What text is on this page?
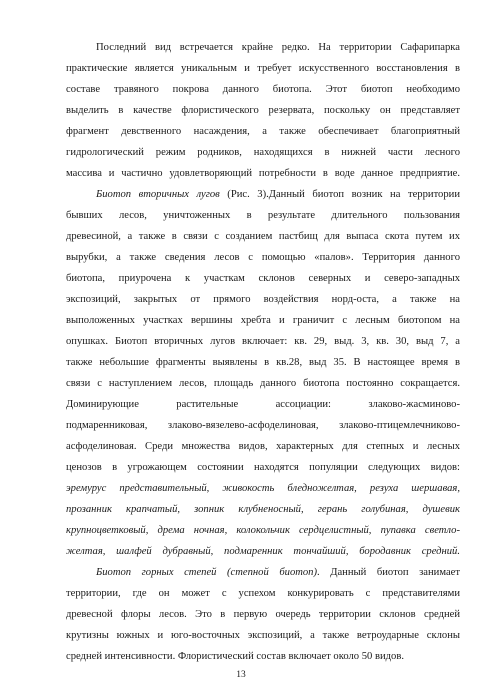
Последний вид встречается крайне редко. На территории Сафарипарка
практические является уникальным и требует искусственного восстановления в
составе травяного покрова данного биотопа. Этот биотоп необходимо
выделить в качестве флористического резервата, поскольку он представляет
фрагмент девственного насаждения, а также обеспечивает благоприятный
гидрологический режим родников, находящихся в нижней части лесного
массива и частично удовлетворяющий потребности в воде данное предприятие.
Биотоп вторичных лугов (Рис. 3).Данный биотоп возник на территории
бывших лесов, уничтоженных в результате длительного пользования
древесиной, а также в связи с созданием пастбищ для выпаса скота путем их
вырубки, а также сведения лесов с помощью «палов». Территория данного
биотопа, приурочена к участкам склонов северных и северо-западных
экспозиций, закрытых от прямого воздействия норд-оста, а также на
выположенных участках вершины хребта и граничит с лесным биотопом на
опушках. Биотоп вторичных лугов включает: кв. 29, выд. 3, кв. 30, выд 7, а
также небольшие фрагменты выявлены в кв.28, выд 35. В настоящее время в
связи с наступлением лесов, площадь данного биотопа постоянно сокращается.
Доминирующие растительные ассоциации: злаково-жасминово-
подмаренниковая, злаково-вязелево-асфоделиновая, злаково-птицемлечниково-
асфоделиновая. Среди множества видов, характерных для степных и лесных
ценозов в угрожающем состоянии находятся популяции следующих видов:
эремурус представительный, живокость бледножелтая, резуха шершавая,
прозанник крапчатый, зопник клубненосный, герань голубиная, душевик
крупноцветковый, дрема ночная, колокольчик сердцелистный, пупавка светло-
желтая, шалфей дубравный, подмаренник тончайший, бородавник средний.
Биотоп горных степей (степной биотоп). Данный биотоп занимает
территории, где он может с успехом конкурировать с представителями
древесной флоры лесов. Это в первую очередь территории склонов средней
крутизны южных и юго-восточных экспозиций, а также ветроударные склоны
средней интенсивности. Флористический состав включает около 50 видов.
13
